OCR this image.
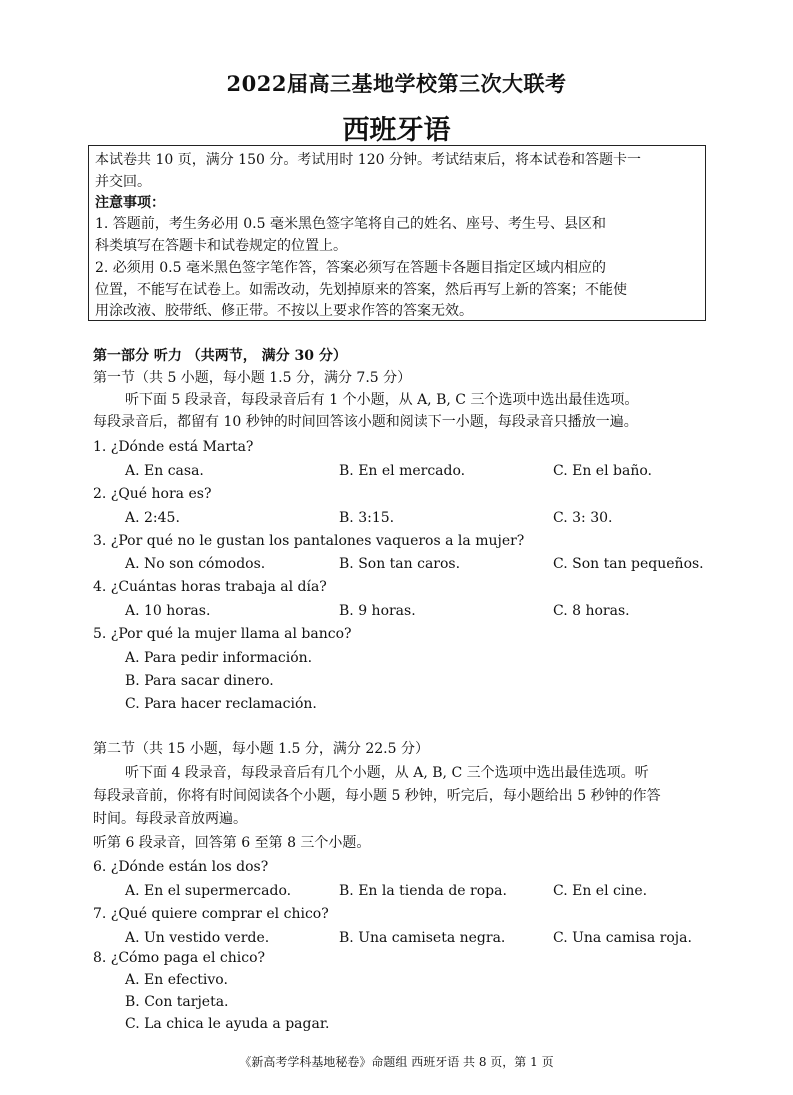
2022届高三基地学校第三次大联考
西班牙语
本试卷共 10 页，满分 150 分。考试用时 120 分钟。考试结束后，将本试卷和答题卡一
并交回。
注意事项：
1. 答题前，考生务必用 0.5 毫米黑色签字笔将自己的姓名、座号、考生号、县区和
科类填写在答题卡和试卷规定的位置上。
2. 必须用 0.5 毫米黑色签字笔作答，答案必须写在答题卡各题目指定区域内相应的
位置，不能写在试卷上。如需改动，先划掉原来的答案，然后再写上新的答案；不能使
用涂改液、胶带纸、修正带。不按以上要求作答的答案无效。
第一部分 听力 （共两节， 满分 30 分）
第一节（共 5 小题，每小题 1.5 分，满分 7.5 分）
听下面 5 段录音，每段录音后有 1 个小题，从 A, B, C 三个选项中选出最佳选项。
每段录音后，都留有 10 秒钟的时间回答该小题和阅读下一小题，每段录音只播放一遍。
1. ¿Dónde está Marta?
A. En casa.	B. En el mercado.	C. En el baño.
2. ¿Qué hora es?
A. 2:45.	B. 3:15.	C. 3: 30.
3. ¿Por qué no le gustan los pantalones vaqueros a la mujer?
A. No son cómodos.	B. Son tan caros.	C. Son tan pequeños.
4. ¿Cuántas horas trabaja al día?
A. 10 horas.	B. 9 horas.	C. 8 horas.
5. ¿Por qué la mujer llama al banco?
A. Para pedir información.
B. Para sacar dinero.
C. Para hacer reclamación.
第二节（共 15 小题，每小题 1.5 分，满分 22.5 分）
听下面 4 段录音，每段录音后有几个小题，从 A, B, C 三个选项中选出最佳选项。听
每段录音前，你将有时间阅读各个小题，每小题 5 秒钟，听完后，每小题给出 5 秒钟的作答
时间。每段录音放两遍。
听第 6 段录音，回答第 6 至第 8 三个小题。
6. ¿Dónde están los dos?
A. En el supermercado.	B. En la tienda de ropa.	C. En el cine.
7. ¿Qué quiere comprar el chico?
A. Un vestido verde.	B. Una camiseta negra.	C. Una camisa roja.
8. ¿Cómo paga el chico?
A. En efectivo.
B. Con tarjeta.
C. La chica le ayuda a pagar.
《新高考学科基地秘卷》命题组 西班牙语 共 8 页，第 1 页
